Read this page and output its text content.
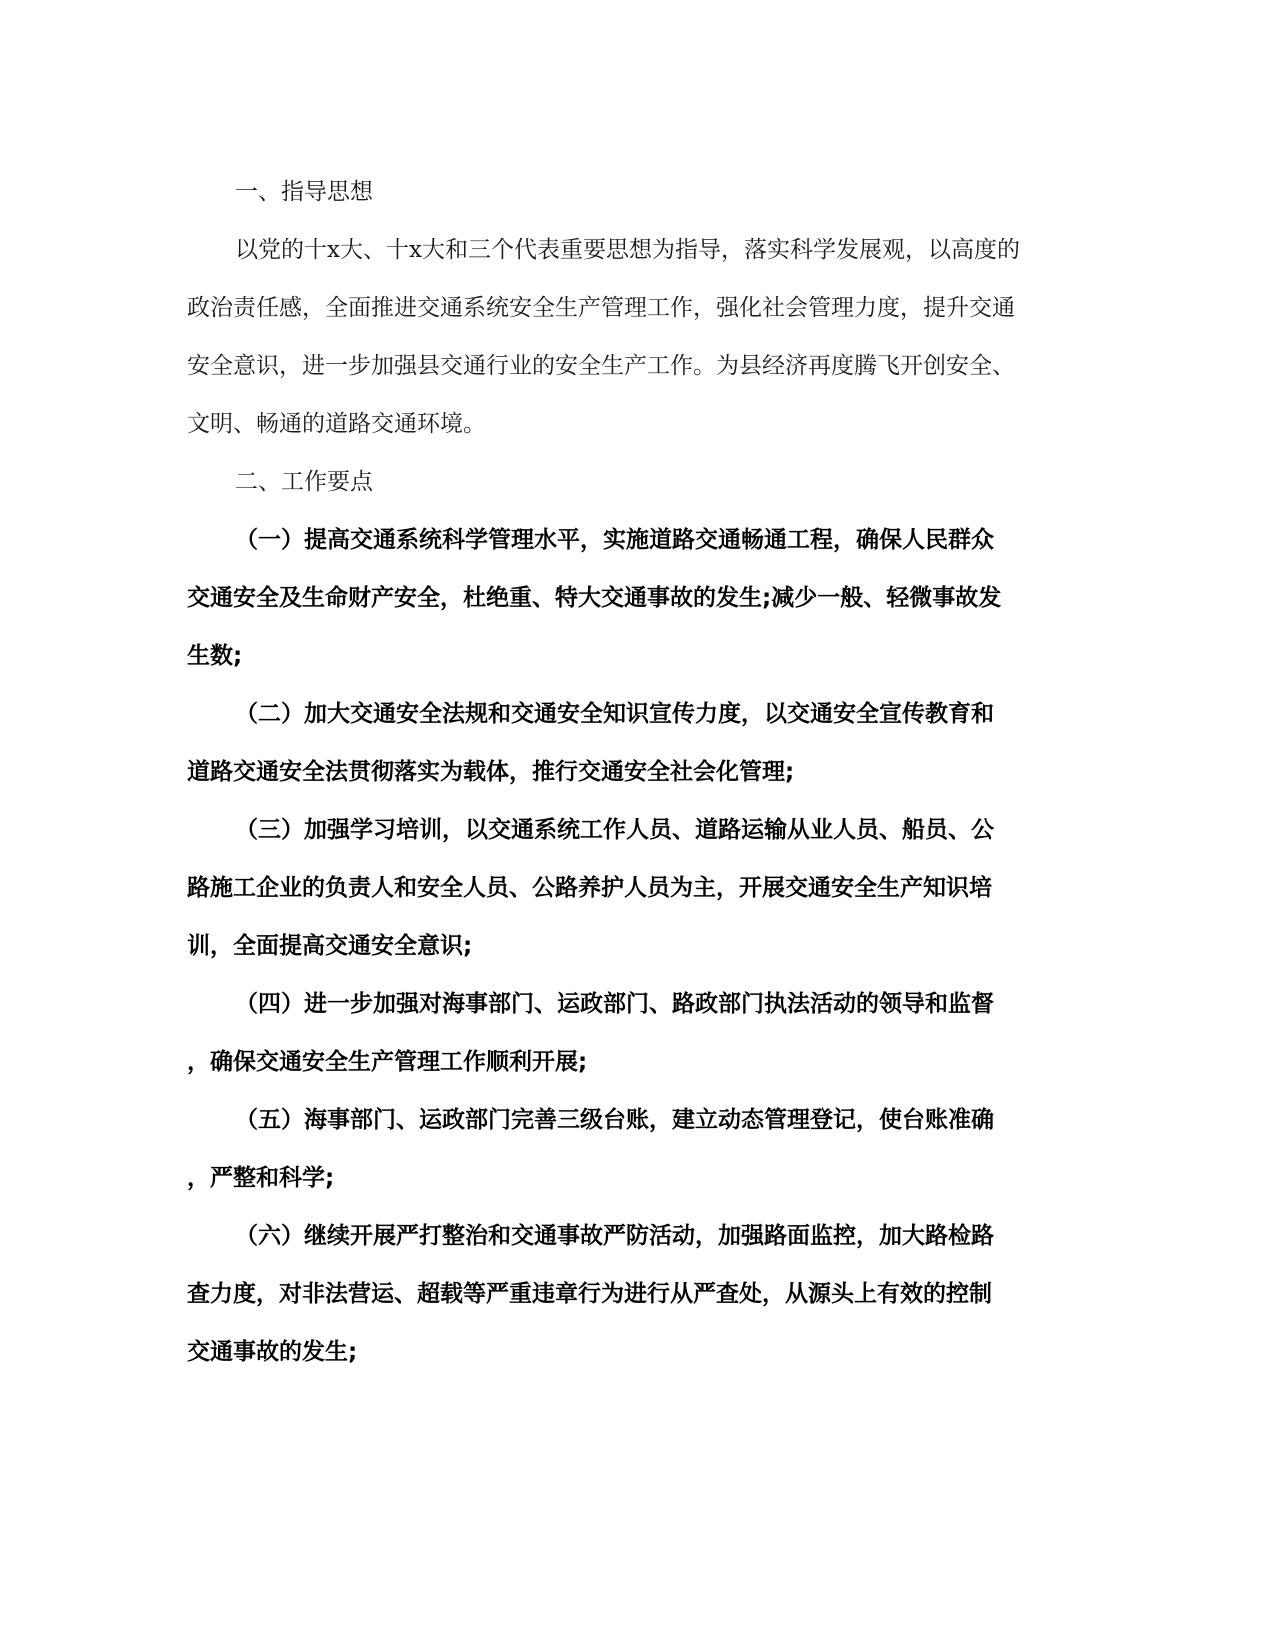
一、指导思想

以党的十x大、十x大和三个代表重要思想为指导，落实科学发展观，以高度的
政治责任感，全面推进交通系统安全生产管理工作，强化社会管理力度，提升交通
安全意识，进一步加强县交通行业的安全生产工作。为县经济再度腾飞开创安全、
文明、畅通的道路交通环境。

二、工作要点

（一）提高交通系统科学管理水平，实施道路交通畅通工程，确保人民群众
交通安全及生命财产安全，杜绝重、特大交通事故的发生;减少一般、轻微事故发
生数;

（二）加大交通安全法规和交通安全知识宣传力度，以交通安全宣传教育和
道路交通安全法贯彻落实为载体，推行交通安全社会化管理;

（三）加强学习培训，以交通系统工作人员、道路运输从业人员、船员、公
路施工企业的负责人和安全人员、公路养护人员为主，开展交通安全生产知识培
训，全面提高交通安全意识;

（四）进一步加强对海事部门、运政部门、路政部门执法活动的领导和监督
，确保交通安全生产管理工作顺利开展;

（五）海事部门、运政部门完善三级台账，建立动态管理登记，使台账准确
，严整和科学;

（六）继续开展严打整治和交通事故严防活动，加强路面监控，加大路检路
查力度，对非法营运、超载等严重违章行为进行从严查处，从源头上有效的控制
交通事故的发生;
